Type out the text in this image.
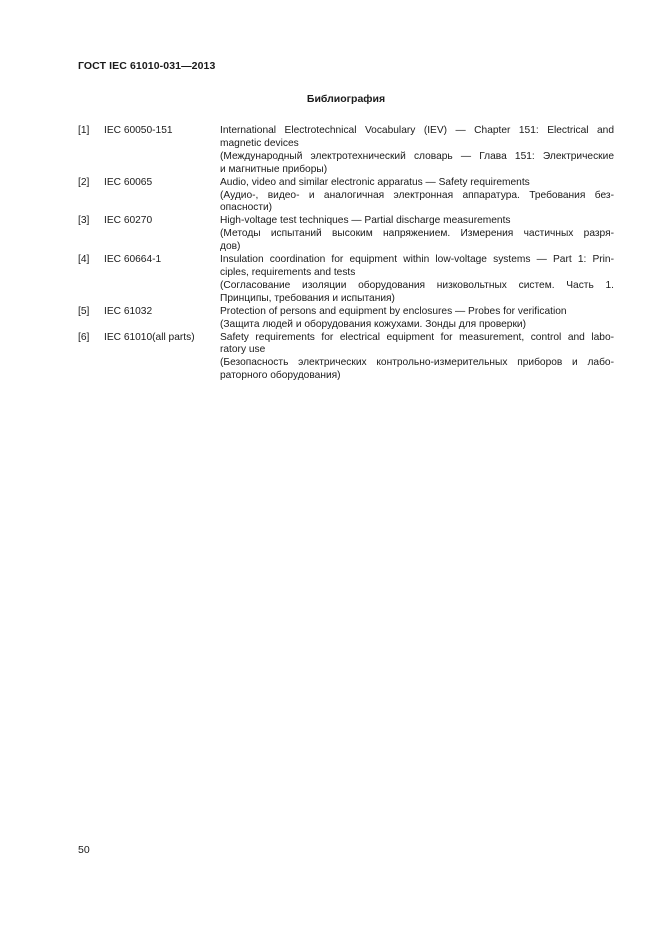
ГОСТ IEC 61010-031—2013
Библиография
[1]	IEC 60050-151	International Electrotechnical Vocabulary (IEV) — Chapter 151: Electrical and
magnetic devices
(Международный электротехнический словарь — Глава 151: Электрические
и магнитные приборы)
[2]	IEC 60065	Audio, video and similar electronic apparatus — Safety requirements
(Аудио-, видео- и аналогичная электронная аппаратура. Требования без-
опасности)
[3]	IEC 60270	High-voltage test techniques — Partial discharge measurements
(Методы испытаний высоким напряжением. Измерения частичных разря-
дов)
[4]	IEC 60664-1	Insulation coordination for equipment within low-voltage systems — Part 1: Prin-
ciples, requirements and tests
(Согласование изоляции оборудования низковольтных систем. Часть 1.
Принципы, требования и испытания)
[5]	IEC 61032	Protection of persons and equipment by enclosures — Probes for verification
(Защита людей и оборудования кожухами. Зонды для проверки)
[6]	IEC 61010(all parts)	Safety requirements for electrical equipment for measurement, control and labo-
ratory use
(Безопасность электрических контрольно-измерительных приборов и лабо-
раторного оборудования)
50
